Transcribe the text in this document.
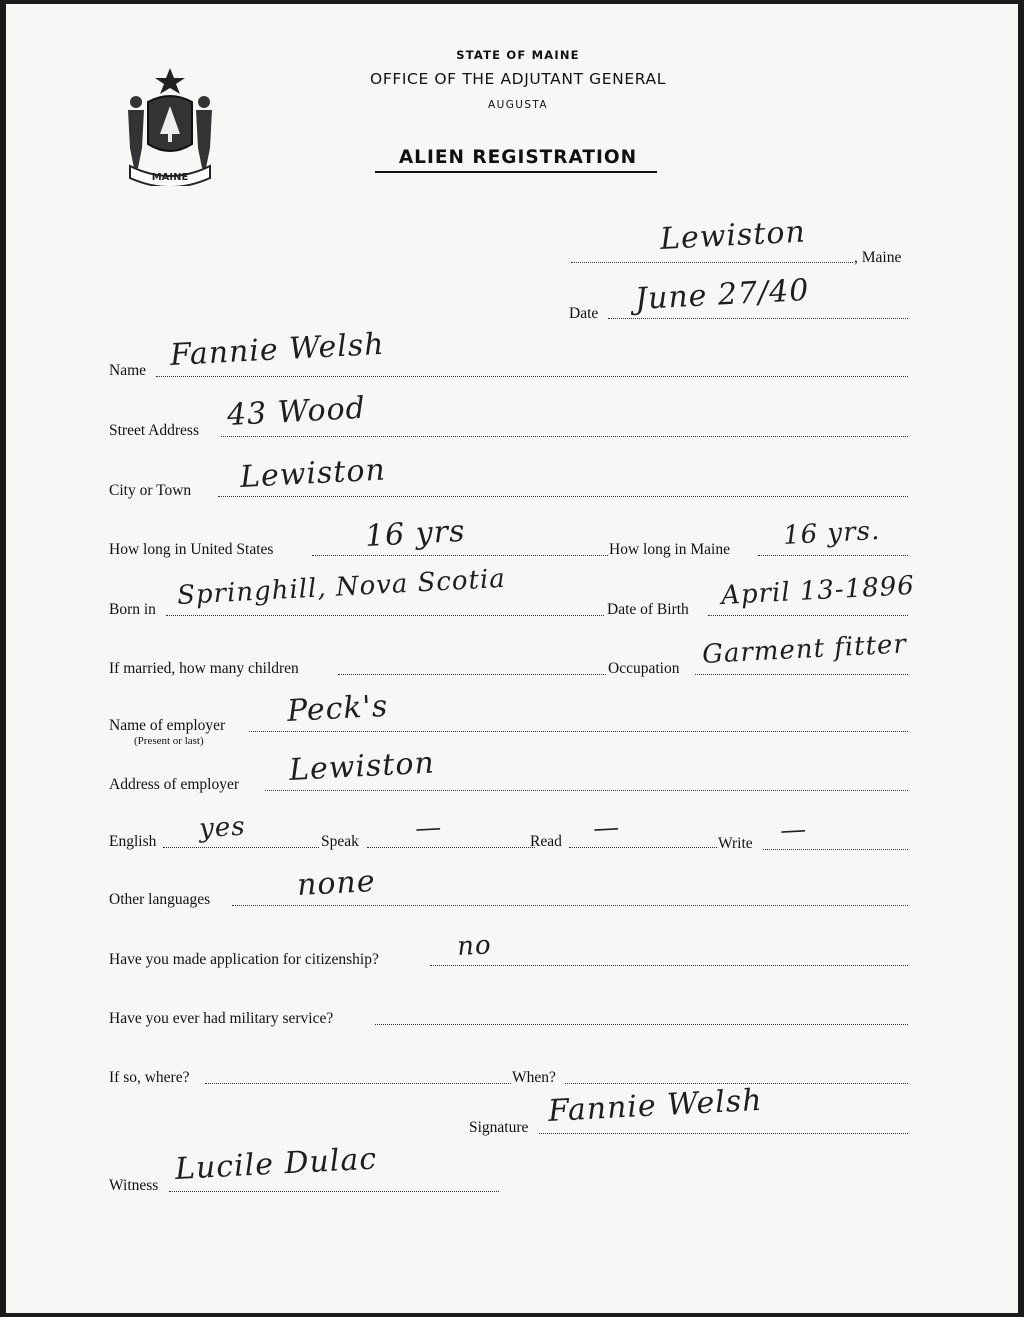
MAINE
STATE OF MAINE
OFFICE OF THE ADJUTANT GENERAL
AUGUSTA
ALIEN REGISTRATION
, Maine
Lewiston
Date June 27/40
Name Fannie Welsh
Street Address 43 Wood
City or Town Lewiston
How long in United States	16 yrs	How long in Maine 16 yrs.
Born in Springhill, Nova Scotia	Date of Birth April 13-1896
If married, how many children	Occupation Garment fitter
Name of employer
(Present or last)
Peck's
Address of employer Lewiston
English yes	Speak —	Read —	Write —
Other languages	none
Have you made application for citizenship?	no
Have you ever had military service?
If so, where?	When?
Signature Fannie Welsh
Witness Lucile Dulac
